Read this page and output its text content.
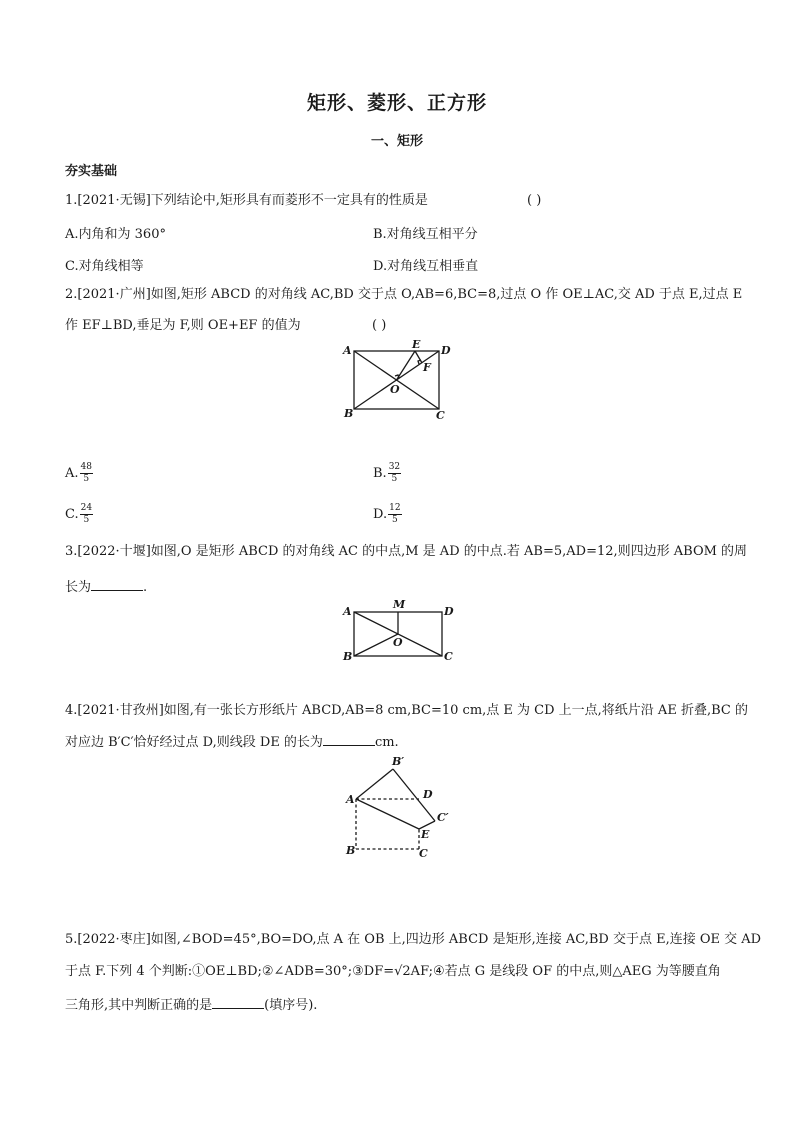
矩形、菱形、正方形
一、矩形
夯实基础
1.[2021·无锡]下列结论中,矩形具有而菱形不一定具有的性质是	( )
A.内角和为 360°	B.对角线互相平分
C.对角线相等	D.对角线互相垂直
2.[2021·广州]如图,矩形 ABCD 的对角线 AC,BD 交于点 O,AB=6,BC=8,过点 O 作 OE⊥AC,交 AD 于点 E,过点 E
作 EF⊥BD,垂足为 F,则 OE+EF 的值为	( )
A
B	C
D
E
F
O
A. $\frac{48}{5}$	B. $\frac{32}{5}$
C. $\frac{24}{5}$	D. $\frac{12}{5}$
3.[2022·十堰]如图,O 是矩形 ABCD 的对角线 AC 的中点,M 是 AD 的中点.若 AB=5,AD=12,则四边形 ABOM 的周
长为	.
A
B	C
D
M
O
4.[2021·甘孜州]如图,有一张长方形纸片 ABCD,AB=8 cm,BC=10 cm,点 E 为 CD 上一点,将纸片沿 AE 折叠,BC 的
对应边 B′C′恰好经过点 D,则线段 DE 的长为	cm.
A
B	C
D
E
B′
C′
5.[2022·枣庄]如图,∠BOD=45°,BO=DO,点 A 在 OB 上,四边形 ABCD 是矩形,连接 AC,BD 交于点 E,连接 OE 交 AD
于点 F.下列 4 个判断:①OE⊥BD;②∠ADB=30°;③DF=√2AF;④若点 G 是线段 OF 的中点,则△AEG 为等腰直角
三角形,其中判断正确的是	(填序号).
